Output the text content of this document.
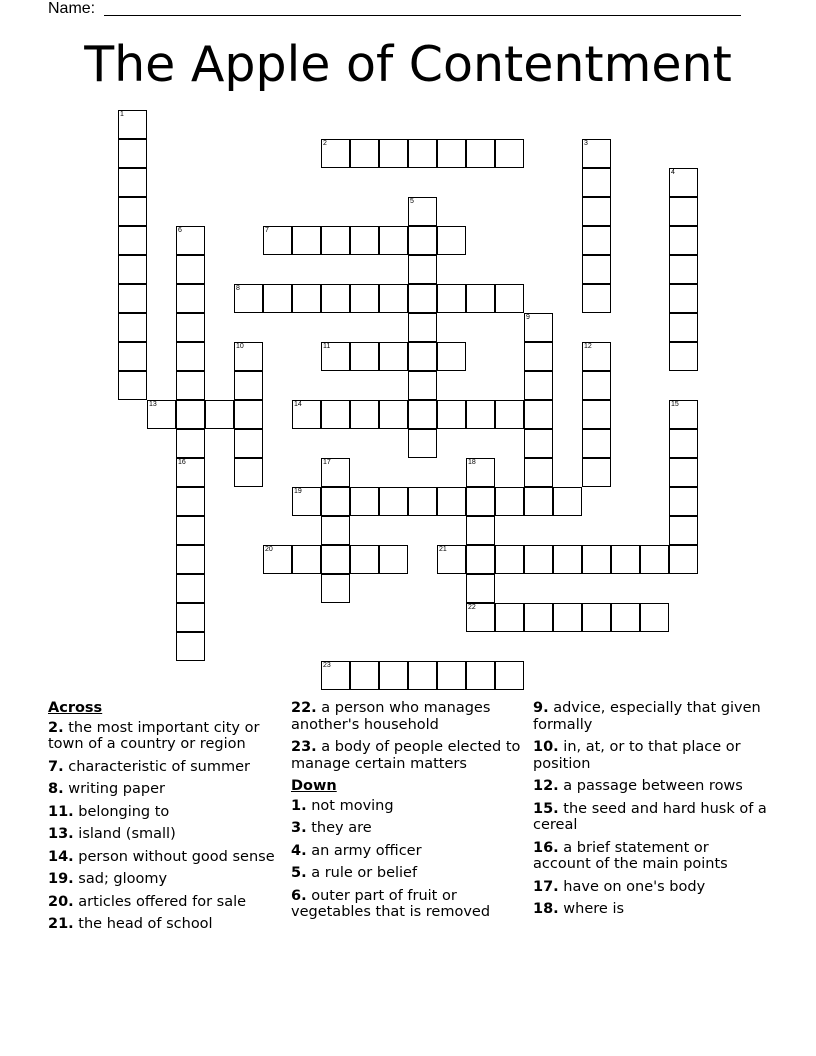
Name:
The Apple of Contentment
1
2	3
4
5
6
16
7
8
9
10	11	12
13	14	15
17	18
22
19
20	21
23
Across
2. the most important city or town of a country or region
7. characteristic of summer
8. writing paper
11. belonging to
13. island (small)
14. person without good sense
19. sad; gloomy
20. articles offered for sale
21. the head of school
22. a person who manages another's household
23. a body of people elected to manage certain matters
Down
1. not moving
3. they are
4. an army officer
5. a rule or belief
6. outer part of fruit or vegetables that is removed
9. advice, especially that given formally
10. in, at, or to that place or position
12. a passage between rows
15. the seed and hard husk of a cereal
16. a brief statement or account of the main points
17. have on one's body
18. where is
